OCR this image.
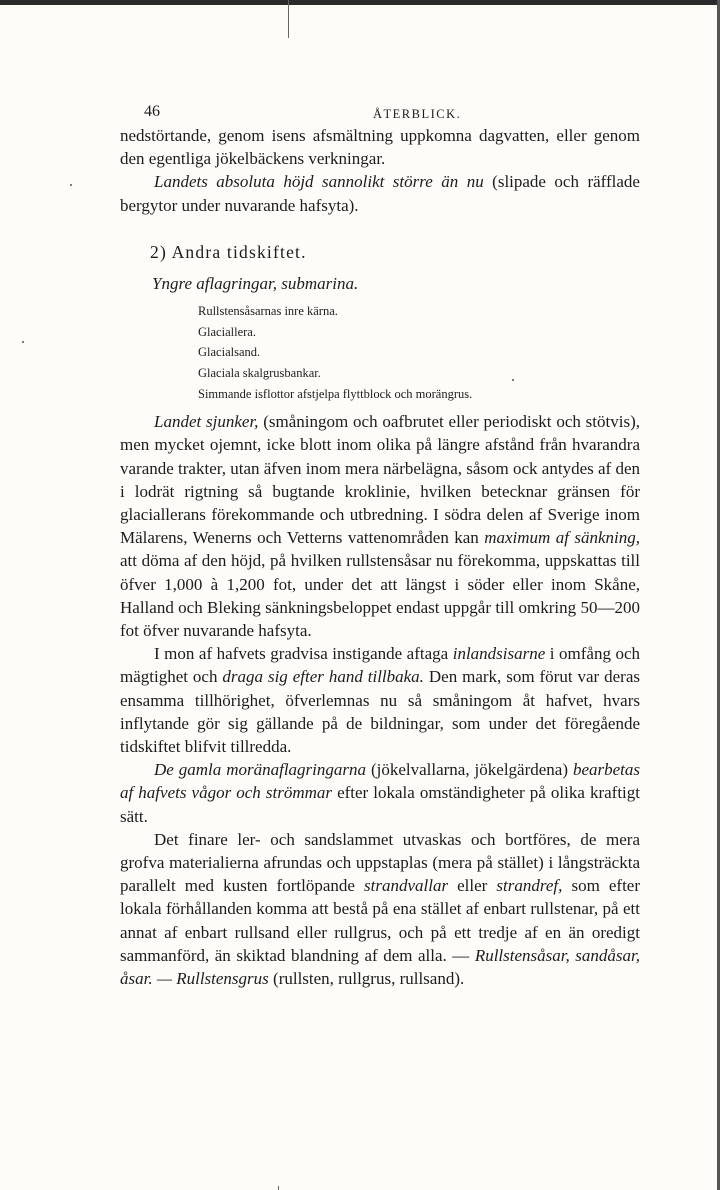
46	ÅTERBLICK.

nedstörtande, genom isens afsmältning uppkomna dagvatten, eller genom den egentliga jökelbäckens verkningar.

Landets absoluta höjd sannolikt större än nu (slipade och räfflade bergytor under nuvarande hafsyta).

2) Andra tidskiftet.
Yngre aflagringar, submarina.
Rullstensåsarnas inre kärna.
Glaciallera.
Glacialsand.
Glaciala skalgrusbankar.
Simmande isflottor afstjelpa flyttblock och morängrus.

Landet sjunker, (småningom och oafbrutet eller periodiskt och stötvis), men mycket ojemnt, icke blott inom olika på längre afstånd från hvarandra varande trakter, utan äfven inom mera närbelägna, såsom ock antydes af den i lodrät rigtning så bugtande kroklinie, hvilken betecknar gränsen för glaciallerans förekommande och utbredning. I södra delen af Sverige inom Mälarens, Wenerns och Vetterns vattenområden kan maximum af sänkning, att döma af den höjd, på hvilken rullstensåsar nu förekomma, uppskattas till öfver 1,000 à 1,200 fot, under det att längst i söder eller inom Skåne, Halland och Bleking sänkningsbeloppet endast uppgår till omkring 50—200 fot öfver nuvarande hafsyta.

I mon af hafvets gradvisa instigande aftaga inlandsisarne i omfång och mägtighet och draga sig efter hand tillbaka. Den mark, som förut var deras ensamma tillhörighet, öfverlemnas nu så småningom åt hafvet, hvars inflytande gör sig gällande på de bildningar, som under det föregående tidskiftet blifvit tillredda.

De gamla moränaflagringarna (jökelvallarna, jökelgärdena) bearbetas af hafvets vågor och strömmar efter lokala omständigheter på olika kraftigt sätt.

Det finare ler- och sandslammet utvaskas och bortföres, de mera grofva materialierna afrundas och uppstaplas (mera på stället) i långsträckta parallelt med kusten fortlöpande strandvallar eller strandref, som efter lokala förhållanden komma att bestå på ena stället af enbart rullstenar, på ett annat af enbart rullsand eller rullgrus, och på ett tredje af en än oredigt sammanförd, än skiktad blandning af dem alla. — Rullstensåsar, sandåsar, åsar. — Rullstensgrus (rullsten, rullgrus, rullsand).
